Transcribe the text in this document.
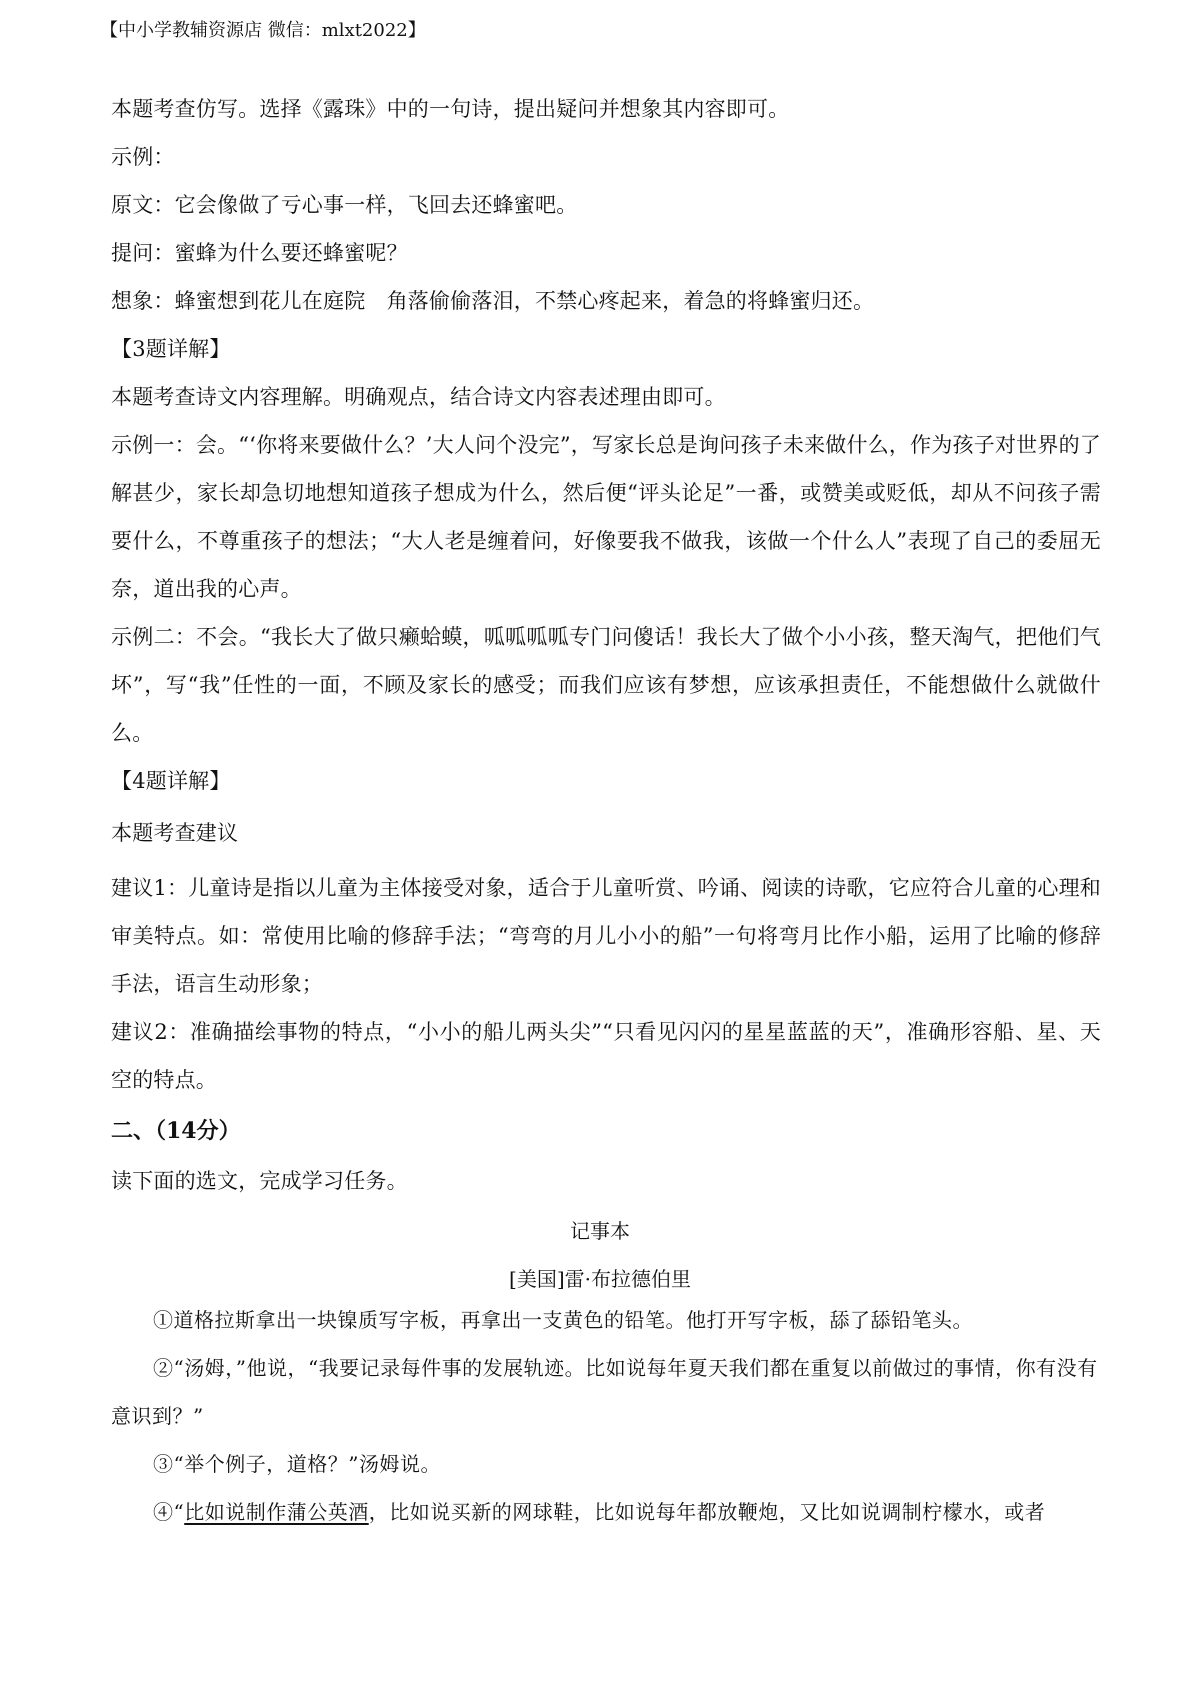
【中小学教辅资源店 微信：mlxt2022】
本题考查仿写。选择《露珠》中的一句诗，提出疑问并想象其内容即可。
示例：
原文：它会像做了亏心事一样，飞回去还蜂蜜吧。
提问：蜜蜂为什么要还蜂蜜呢？
想象：蜂蜜想到花儿在庭院　角落偷偷落泪，不禁心疼起来，着急的将蜂蜜归还。
【3题详解】
本题考查诗文内容理解。明确观点，结合诗文内容表述理由即可。
示例一：会。“‘你将来要做什么？’大人问个没完”，写家长总是询问孩子未来做什么，作为孩子对世界的了解甚少，家长却急切地想知道孩子想成为什么，然后便“评头论足”一番，或赞美或贬低，却从不问孩子需要什么，不尊重孩子的想法；“大人老是缠着问，好像要我不做我，该做一个什么人”表现了自己的委屈无奈，道出我的心声。
示例二：不会。“我长大了做只癞蛤蟆，呱呱呱呱专门问傻话！我长大了做个小小孩，整天淘气，把他们气坏”，写“我”任性的一面，不顾及家长的感受；而我们应该有梦想，应该承担责任，不能想做什么就做什么。
【4题详解】
本题考查建议
建议1：儿童诗是指以儿童为主体接受对象，适合于儿童听赏、吟诵、阅读的诗歌，它应符合儿童的心理和审美特点。如：常使用比喻的修辞手法；“弯弯的月儿小小的船”一句将弯月比作小船，运用了比喻的修辞手法，语言生动形象；
建议2：准确描绘事物的特点，“小小的船儿两头尖”“只看见闪闪的星星蓝蓝的天”，准确形容船、星、天空的特点。
二、（14分）
读下面的选文，完成学习任务。
记事本
[美国]雷·布拉德伯里
①道格拉斯拿出一块镍质写字板，再拿出一支黄色的铅笔。他打开写字板，舔了舔铅笔头。
②“汤姆，”他说，“我要记录每件事的发展轨迹。比如说每年夏天我们都在重复以前做过的事情，你有没有意识到？”
③“举个例子，道格？”汤姆说。
④“比如说制作蒲公英酒，比如说买新的网球鞋，比如说每年都放鞭炮，又比如说调制柠檬水，或者
